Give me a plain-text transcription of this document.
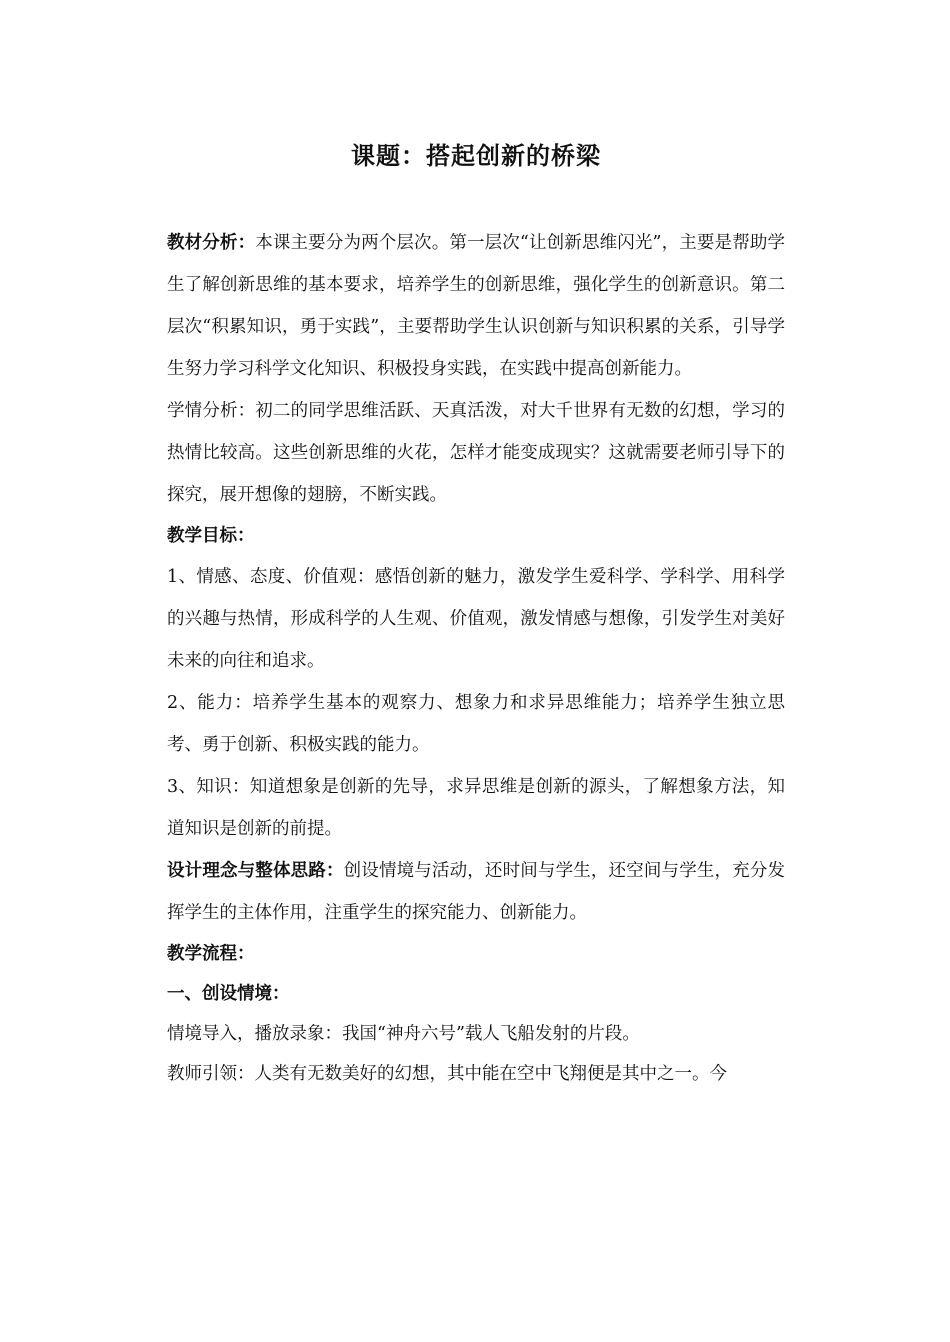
课题：搭起创新的桥梁

教材分析：本课主要分为两个层次。第一层次“让创新思维闪光”，主要是帮助学生了解创新思维的基本要求，培养学生的创新思维，强化学生的创新意识。第二层次“积累知识，勇于实践”，主要帮助学生认识创新与知识积累的关系，引导学生努力学习科学文化知识、积极投身实践，在实践中提高创新能力。

学情分析：初二的同学思维活跃、天真活泼，对大千世界有无数的幻想，学习的热情比较高。这些创新思维的火花，怎样才能变成现实？这就需要老师引导下的探究，展开想像的翅膀，不断实践。

教学目标：

1、情感、态度、价值观：感悟创新的魅力，激发学生爱科学、学科学、用科学的兴趣与热情，形成科学的人生观、价值观，激发情感与想像，引发学生对美好未来的向往和追求。

2、能力：培养学生基本的观察力、想象力和求异思维能力；培养学生独立思考、勇于创新、积极实践的能力。

3、知识：知道想象是创新的先导，求异思维是创新的源头，了解想象方法，知道知识是创新的前提。

设计理念与整体思路：创设情境与活动，还时间与学生，还空间与学生，充分发挥学生的主体作用，注重学生的探究能力、创新能力。

教学流程：

一、创设情境：

情境导入，播放录象：我国“神舟六号”载人飞船发射的片段。

教师引领：人类有无数美好的幻想，其中能在空中飞翔便是其中之一。今
